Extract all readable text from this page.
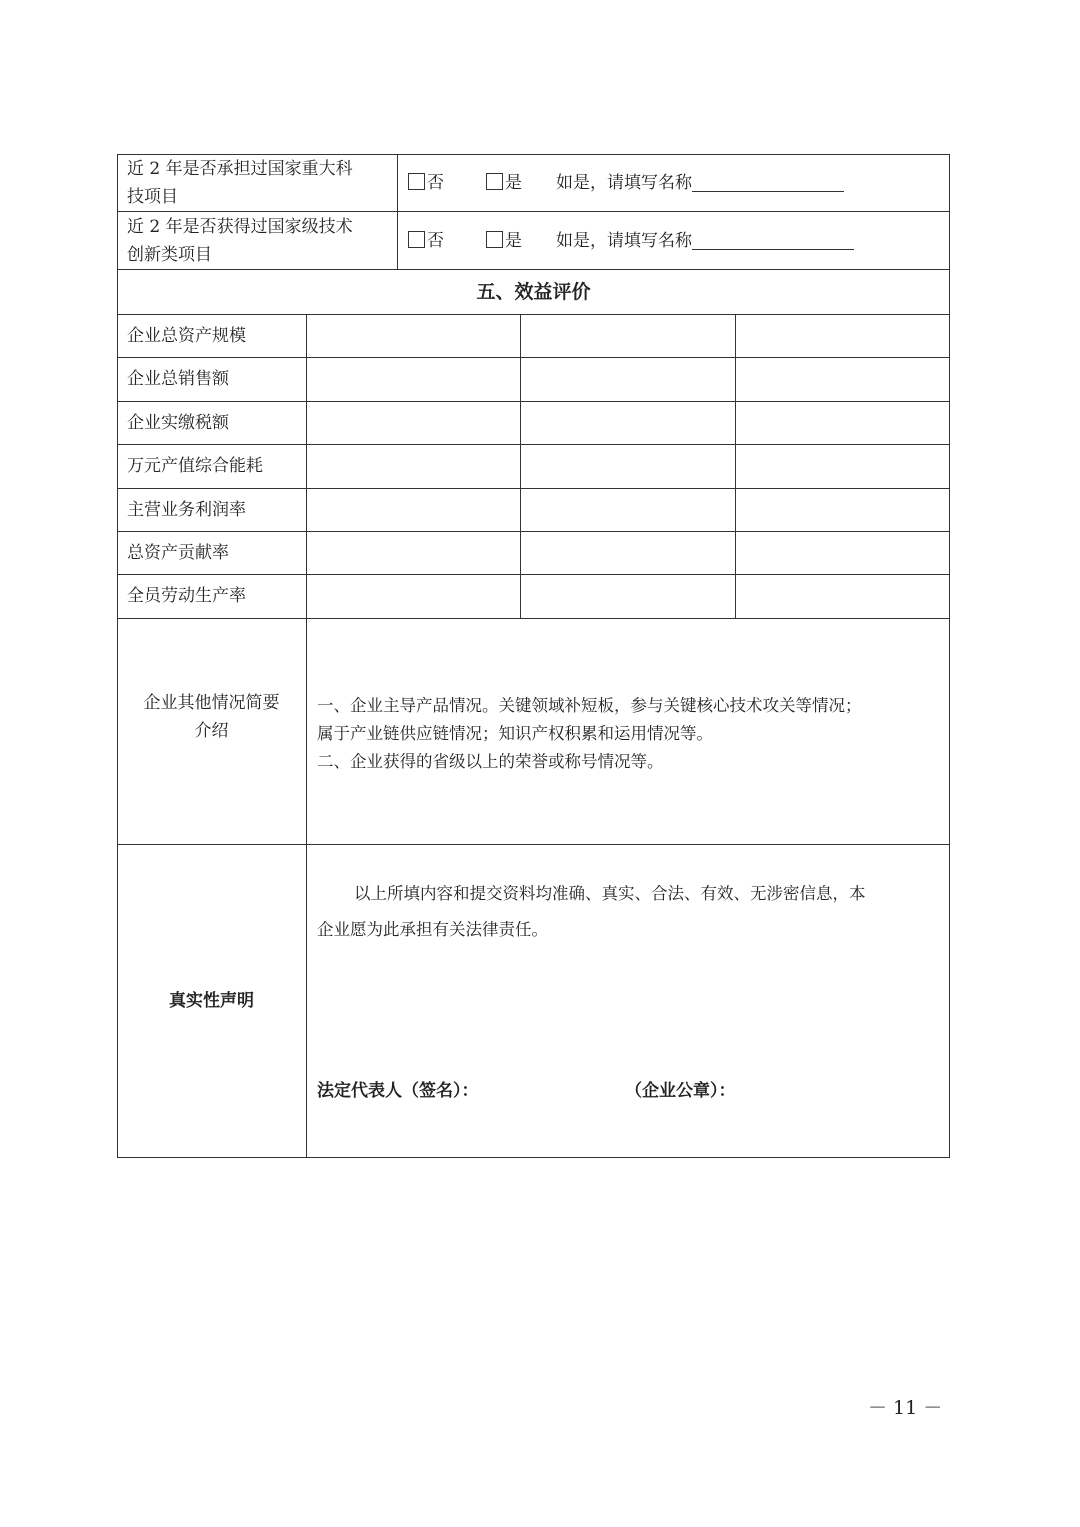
近 2 年是否承担过国家重大科
技项目
否	是 如是，请填写名称
近 2 年是否获得过国家级技术
创新类项目
否	是 如是，请填写名称
五、效益评价
企业总资产规模
企业总销售额
企业实缴税额
万元产值综合能耗
主营业务利润率
总资产贡献率
全员劳动生产率
企业其他情况简要
介绍
一、企业主导产品情况。关键领域补短板，参与关键核心技术攻关等情况；
属于产业链供应链情况；知识产权积累和运用情况等。
二、企业获得的省级以上的荣誉或称号情况等。
真实性声明
以上所填内容和提交资料均准确、真实、合法、有效、无涉密信息，本
企业愿为此承担有关法律责任。
法定代表人（签名）：	（企业公章）：
－ 11 －
